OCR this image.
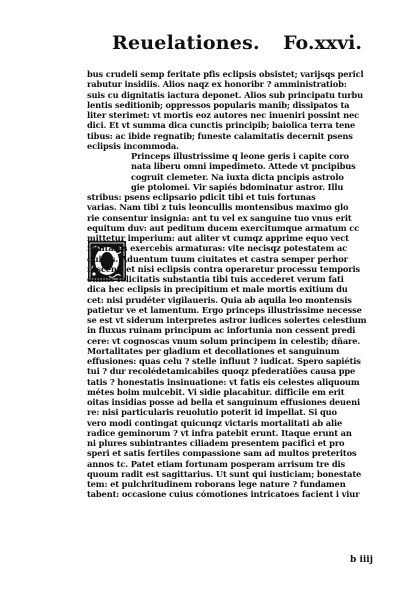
Reuelationes. Fo.xxvi.
bus crudeli semp feritate pfis eclipsis obsistet; varijsqs pericl
rabutur insidiis. Alios naqz ex honoribr ? amministratiob:
suis cu dignitatis iactura deponet. Alios sub principatu turbu
lentis seditionib; oppressos popularis manib; dissipatos ta
liter sterimet: vt mortis eoz autores nec inueniri possint nec
dici. Et vt summa dica cunctis principib; baiolica terra tene
tibus: ac ibide regnatib; funeste calamitatis decernit psens
eclipsis incommoda.
Princeps illustrissime q leone geris i capite coro
nata liberu omni impedimeto. Attede vt pncipibus
cogruit clemeter. Na iuxta dicta pncipis astrolo
gie ptolomei. Vir sapiés bdominatur astror. Illu
stribus: psens eclipsario pdicit tibi et tuis fortunas
varias. Nam tibi z tuis leoncullis montensibus maximo glo
rie consentur insignia: ant tu vel ex sanguine tuo vnus erit
equitum duv: aut peditum ducem exercitumque armatum cc
mittetur imperium: aut aliter vt cumqz apprime equo vect
militares exercebis armaturas: vite necisqz potestatem ac
quires. Aduentum tuum ciuitates et castra semper perhor
rescent: et nisi eclipsis contra operaretur processu temporis
omnis felicitatis substantia tibi tuis accederet verum fati
dica hec eclipsis in precipitium et male mortis exitium du
cet: nisi prudéter vigilaueris. Quia ab aquila leo montensis
patietur ve et lamentum. Ergo princeps illustrissime necesse
se est vt siderum interpretes astror iudices solertes celestium
in fluxus ruinam principum ac infortunia non cessent predi
cere: vt cognoscas vnum solum principem in celestib; dñare.
Mortalitates per gladium et decollationes et sanguinum
effusiones: quas celu ? stelle influut ? iudicat. Spero sapiétis
tui ? dur recolédetamicabiles quoqz pfederatiões causa ppe
tatis ? honestatis insinuatione: vt fatis eis celestes aliquoum
métes boim mulcebit. Vi sidie placabitur. difficile em erit
oitas insidias posse ad bella et sanguinum effusiones deueni
re: nisi particularis reuolutio poterit id impellat. Si quo
vero modi contingat quicunqz victaris mortalitati ab alie
radice geminorum ? vt infra patebit erunt. Itaque erunt an
ni plures subintrantes ciliadem presentem pacifici et pro
speri et satis fertiles compassione sam ad multos preteritos
annos tc. Patet etiam fortunam posperam arrisum tre dis
quoum radit est sagittarius. Ut sunt qui iusticiam; bonestate
tem: et pulchritudinem roborans lege nature ? fundamen
tabent: occasione cuius cómotiones intricatoes facient i viur
b iiij
